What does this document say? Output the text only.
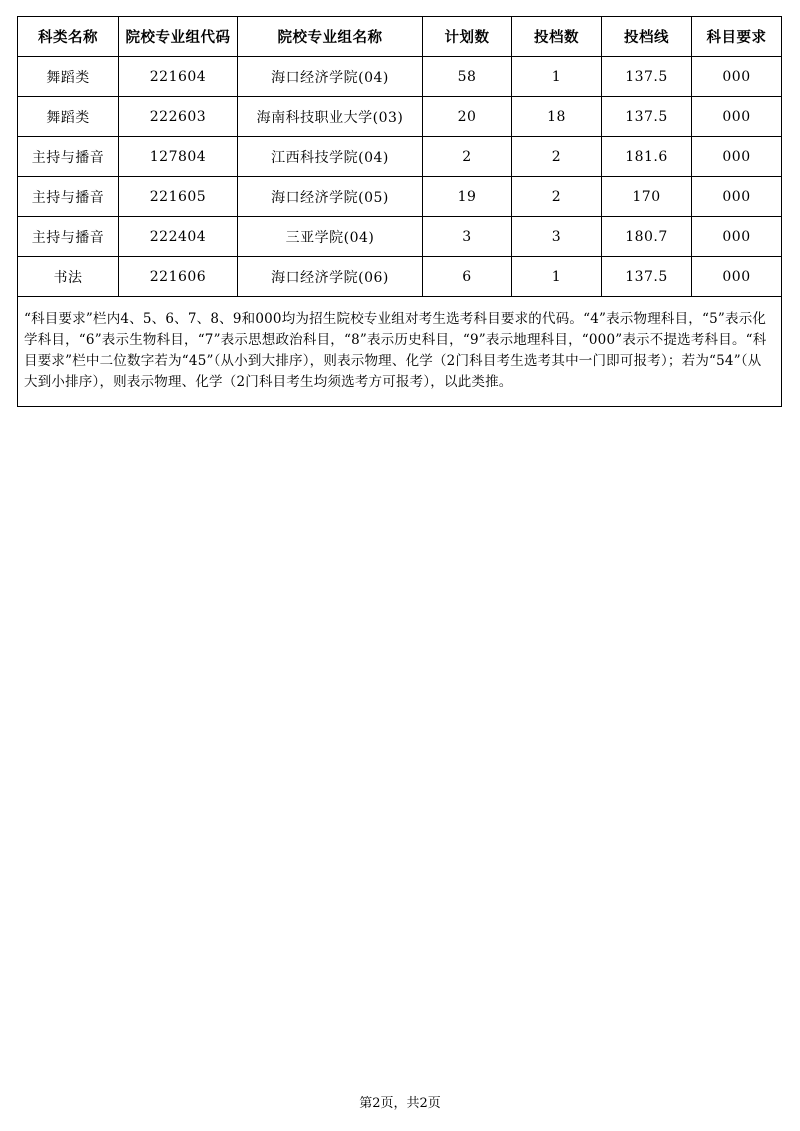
科类名称	院校专业组代码	院校专业组名称	计划数	投档数	投档线	科目要求
舞蹈类	221604	海口经济学院(04)	58	1	137.5	000
舞蹈类	222603	海南科技职业大学(03)	20	18	137.5	000
主持与播音	127804	江西科技学院(04)	2	2	181.6	000
主持与播音	221605	海口经济学院(05)	19	2	170	000
主持与播音	222404	三亚学院(04)	3	3	180.7	000
书法	221606	海口经济学院(06)	6	1	137.5	000
“科目要求”栏内4、5、6、7、8、9和000均为招生院校专业组对考生选考科目要求的代码。“4”表示物理科目，“5”表示化学科目，“6”表示生物科目，“7”表示思想政治科目，“8”表示历史科目，“9”表示地理科目，“000”表示不提选考科目。“科目要求”栏中二位数字若为“45”（从小到大排序），则表示物理、化学（2门科目考生选考其中一门即可报考）；若为“54”（从大到小排序），则表示物理、化学（2门科目考生均须选考方可报考），以此类推。						
第2页，共2页
